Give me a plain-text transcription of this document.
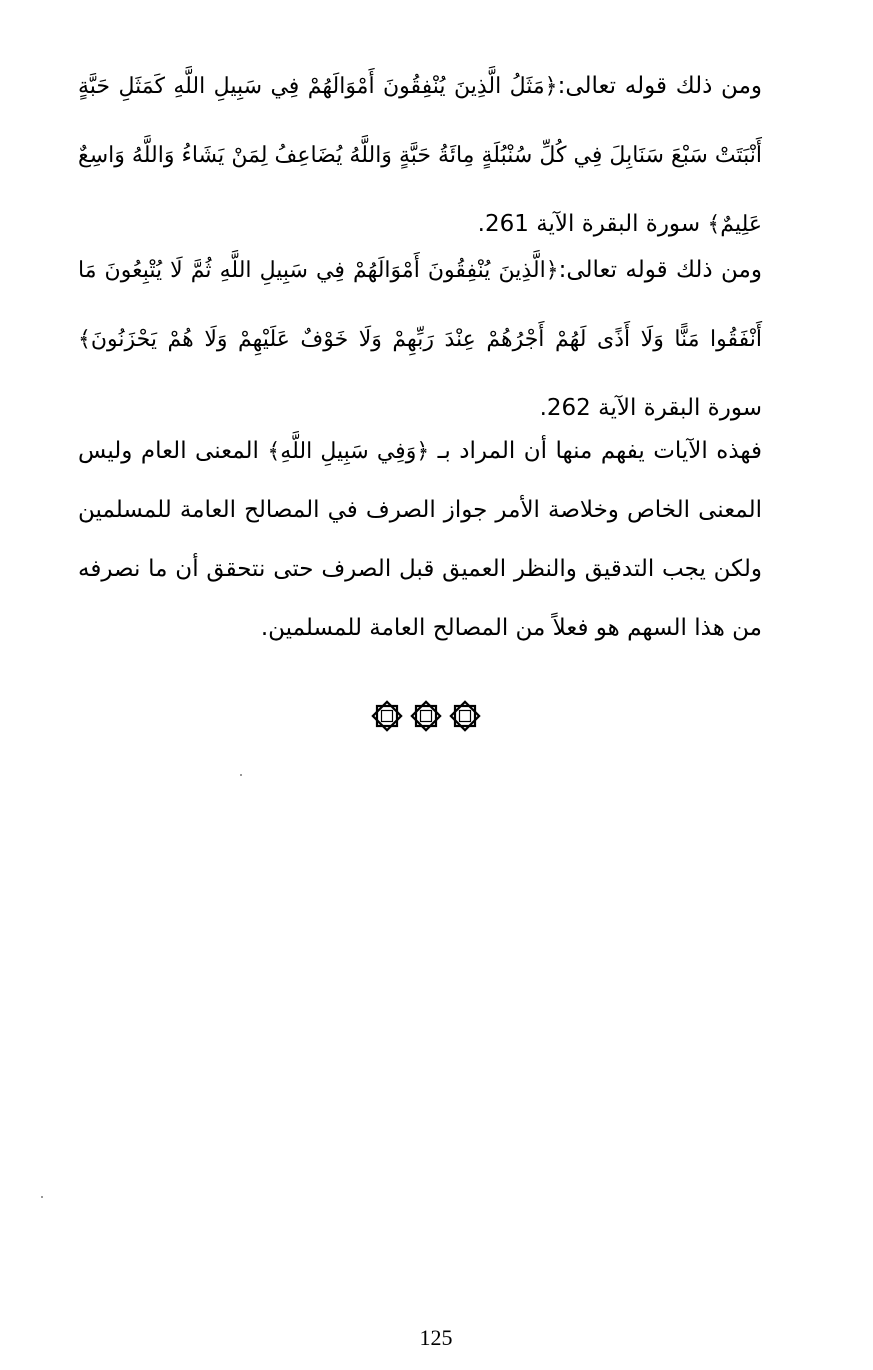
ومن ذلك قوله تعالى:﴿مَثَلُ الَّذِينَ يُنْفِقُونَ أَمْوَالَهُمْ فِي سَبِيلِ اللَّهِ كَمَثَلِ حَبَّةٍ أَنْبَتَتْ سَبْعَ سَنَابِلَ فِي كُلِّ سُنْبُلَةٍ مِائَةُ حَبَّةٍ وَاللَّهُ يُضَاعِفُ لِمَنْ يَشَاءُ وَاللَّهُ وَاسِعٌ عَلِيمٌ﴾ سورة البقرة الآية 261.

ومن ذلك قوله تعالى:﴿الَّذِينَ يُنْفِقُونَ أَمْوَالَهُمْ فِي سَبِيلِ اللَّهِ ثُمَّ لَا يُتْبِعُونَ مَا أَنْفَقُوا مَنًّا وَلَا أَذًى لَهُمْ أَجْرُهُمْ عِنْدَ رَبِّهِمْ وَلَا خَوْفٌ عَلَيْهِمْ وَلَا هُمْ يَحْزَنُونَ﴾ سورة البقرة الآية 262.

فهذه الآيات يفهم منها أن المراد بـ ﴿وَفِي سَبِيلِ اللَّهِ﴾ المعنى العام وليس المعنى الخاص وخلاصة الأمر جواز الصرف في المصالح العامة للمسلمين ولكن يجب التدقيق والنظر العميق قبل الصرف حتى نتحقق أن ما نصرفه من هذا السهم هو فعلاً من المصالح العامة للمسلمين.

125
